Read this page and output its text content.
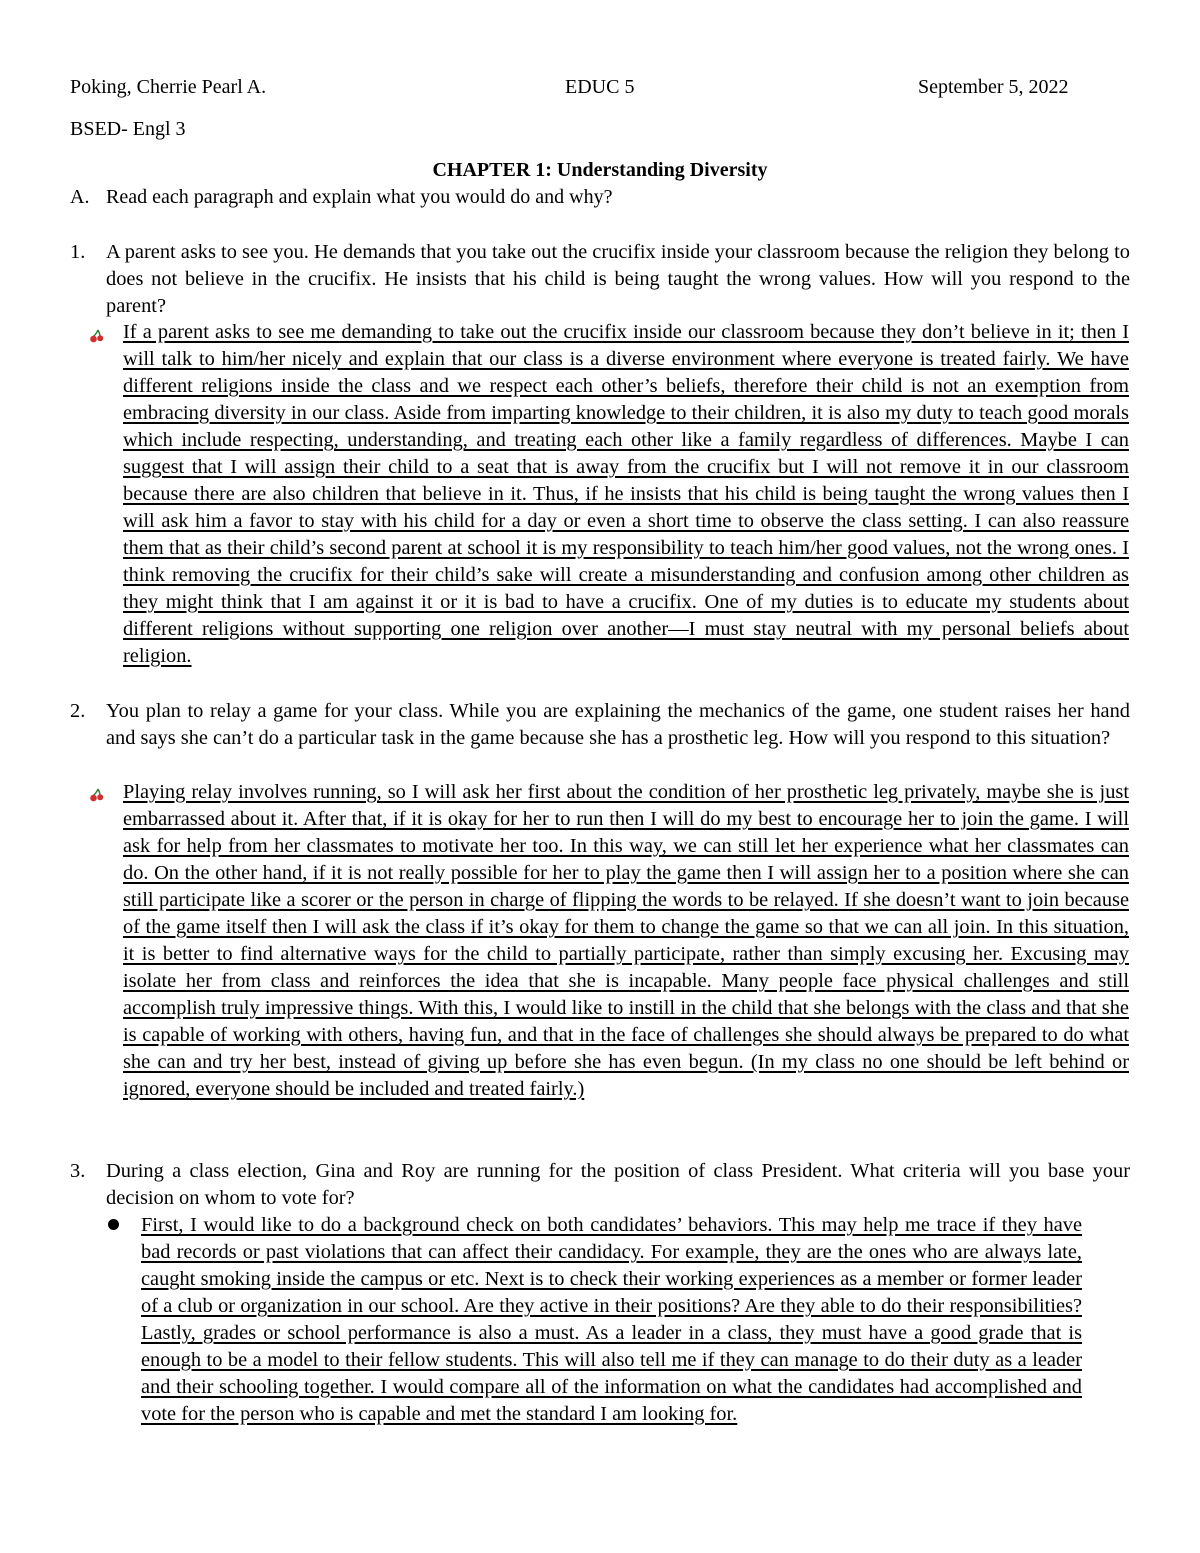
Poking, Cherrie Pearl A.	EDUC 5	September 5, 2022
BSED- Engl 3
CHAPTER 1: Understanding Diversity
A. Read each paragraph and explain what you would do and why?
1. A parent asks to see you. He demands that you take out the crucifix inside your classroom because the religion they belong to does not believe in the crucifix. He insists that his child is being taught the wrong values. How will you respond to the parent?
If a parent asks to see me demanding to take out the crucifix inside our classroom because they don’t believe in it; then I will talk to him/her nicely and explain that our class is a diverse environment where everyone is treated fairly. We have different religions inside the class and we respect each other’s beliefs, therefore their child is not an exemption from embracing diversity in our class. Aside from imparting knowledge to their children, it is also my duty to teach good morals which include respecting, understanding, and treating each other like a family regardless of differences. Maybe I can suggest that I will assign their child to a seat that is away from the crucifix but I will not remove it in our classroom because there are also children that believe in it. Thus, if he insists that his child is being taught the wrong values then I will ask him a favor to stay with his child for a day or even a short time to observe the class setting. I can also reassure them that as their child’s second parent at school it is my responsibility to teach him/her good values, not the wrong ones. I think removing the crucifix for their child’s sake will create a misunderstanding and confusion among other children as they might think that I am against it or it is bad to have a crucifix. One of my duties is to educate my students about different religions without supporting one religion over another—I must stay neutral with my personal beliefs about religion.
2. You plan to relay a game for your class. While you are explaining the mechanics of the game, one student raises her hand and says she can’t do a particular task in the game because she has a prosthetic leg. How will you respond to this situation?
Playing relay involves running, so I will ask her first about the condition of her prosthetic leg privately, maybe she is just embarrassed about it. After that, if it is okay for her to run then I will do my best to encourage her to join the game. I will ask for help from her classmates to motivate her too. In this way, we can still let her experience what her classmates can do. On the other hand, if it is not really possible for her to play the game then I will assign her to a position where she can still participate like a scorer or the person in charge of flipping the words to be relayed. If she doesn’t want to join because of the game itself then I will ask the class if it’s okay for them to change the game so that we can all join. In this situation, it is better to find alternative ways for the child to partially participate, rather than simply excusing her. Excusing may isolate her from class and reinforces the idea that she is incapable. Many people face physical challenges and still accomplish truly impressive things. With this, I would like to instill in the child that she belongs with the class and that she is capable of working with others, having fun, and that in the face of challenges she should always be prepared to do what she can and try her best, instead of giving up before she has even begun. (In my class no one should be left behind or ignored, everyone should be included and treated fairly.)
3. During a class election, Gina and Roy are running for the position of class President. What criteria will you base your decision on whom to vote for?
First, I would like to do a background check on both candidates’ behaviors. This may help me trace if they have bad records or past violations that can affect their candidacy. For example, they are the ones who are always late, caught smoking inside the campus or etc. Next is to check their working experiences as a member or former leader of a club or organization in our school. Are they active in their positions? Are they able to do their responsibilities? Lastly, grades or school performance is also a must. As a leader in a class, they must have a good grade that is enough to be a model to their fellow students. This will also tell me if they can manage to do their duty as a leader and their schooling together. I would compare all of the information on what the candidates had accomplished and vote for the person who is capable and met the standard I am looking for.
